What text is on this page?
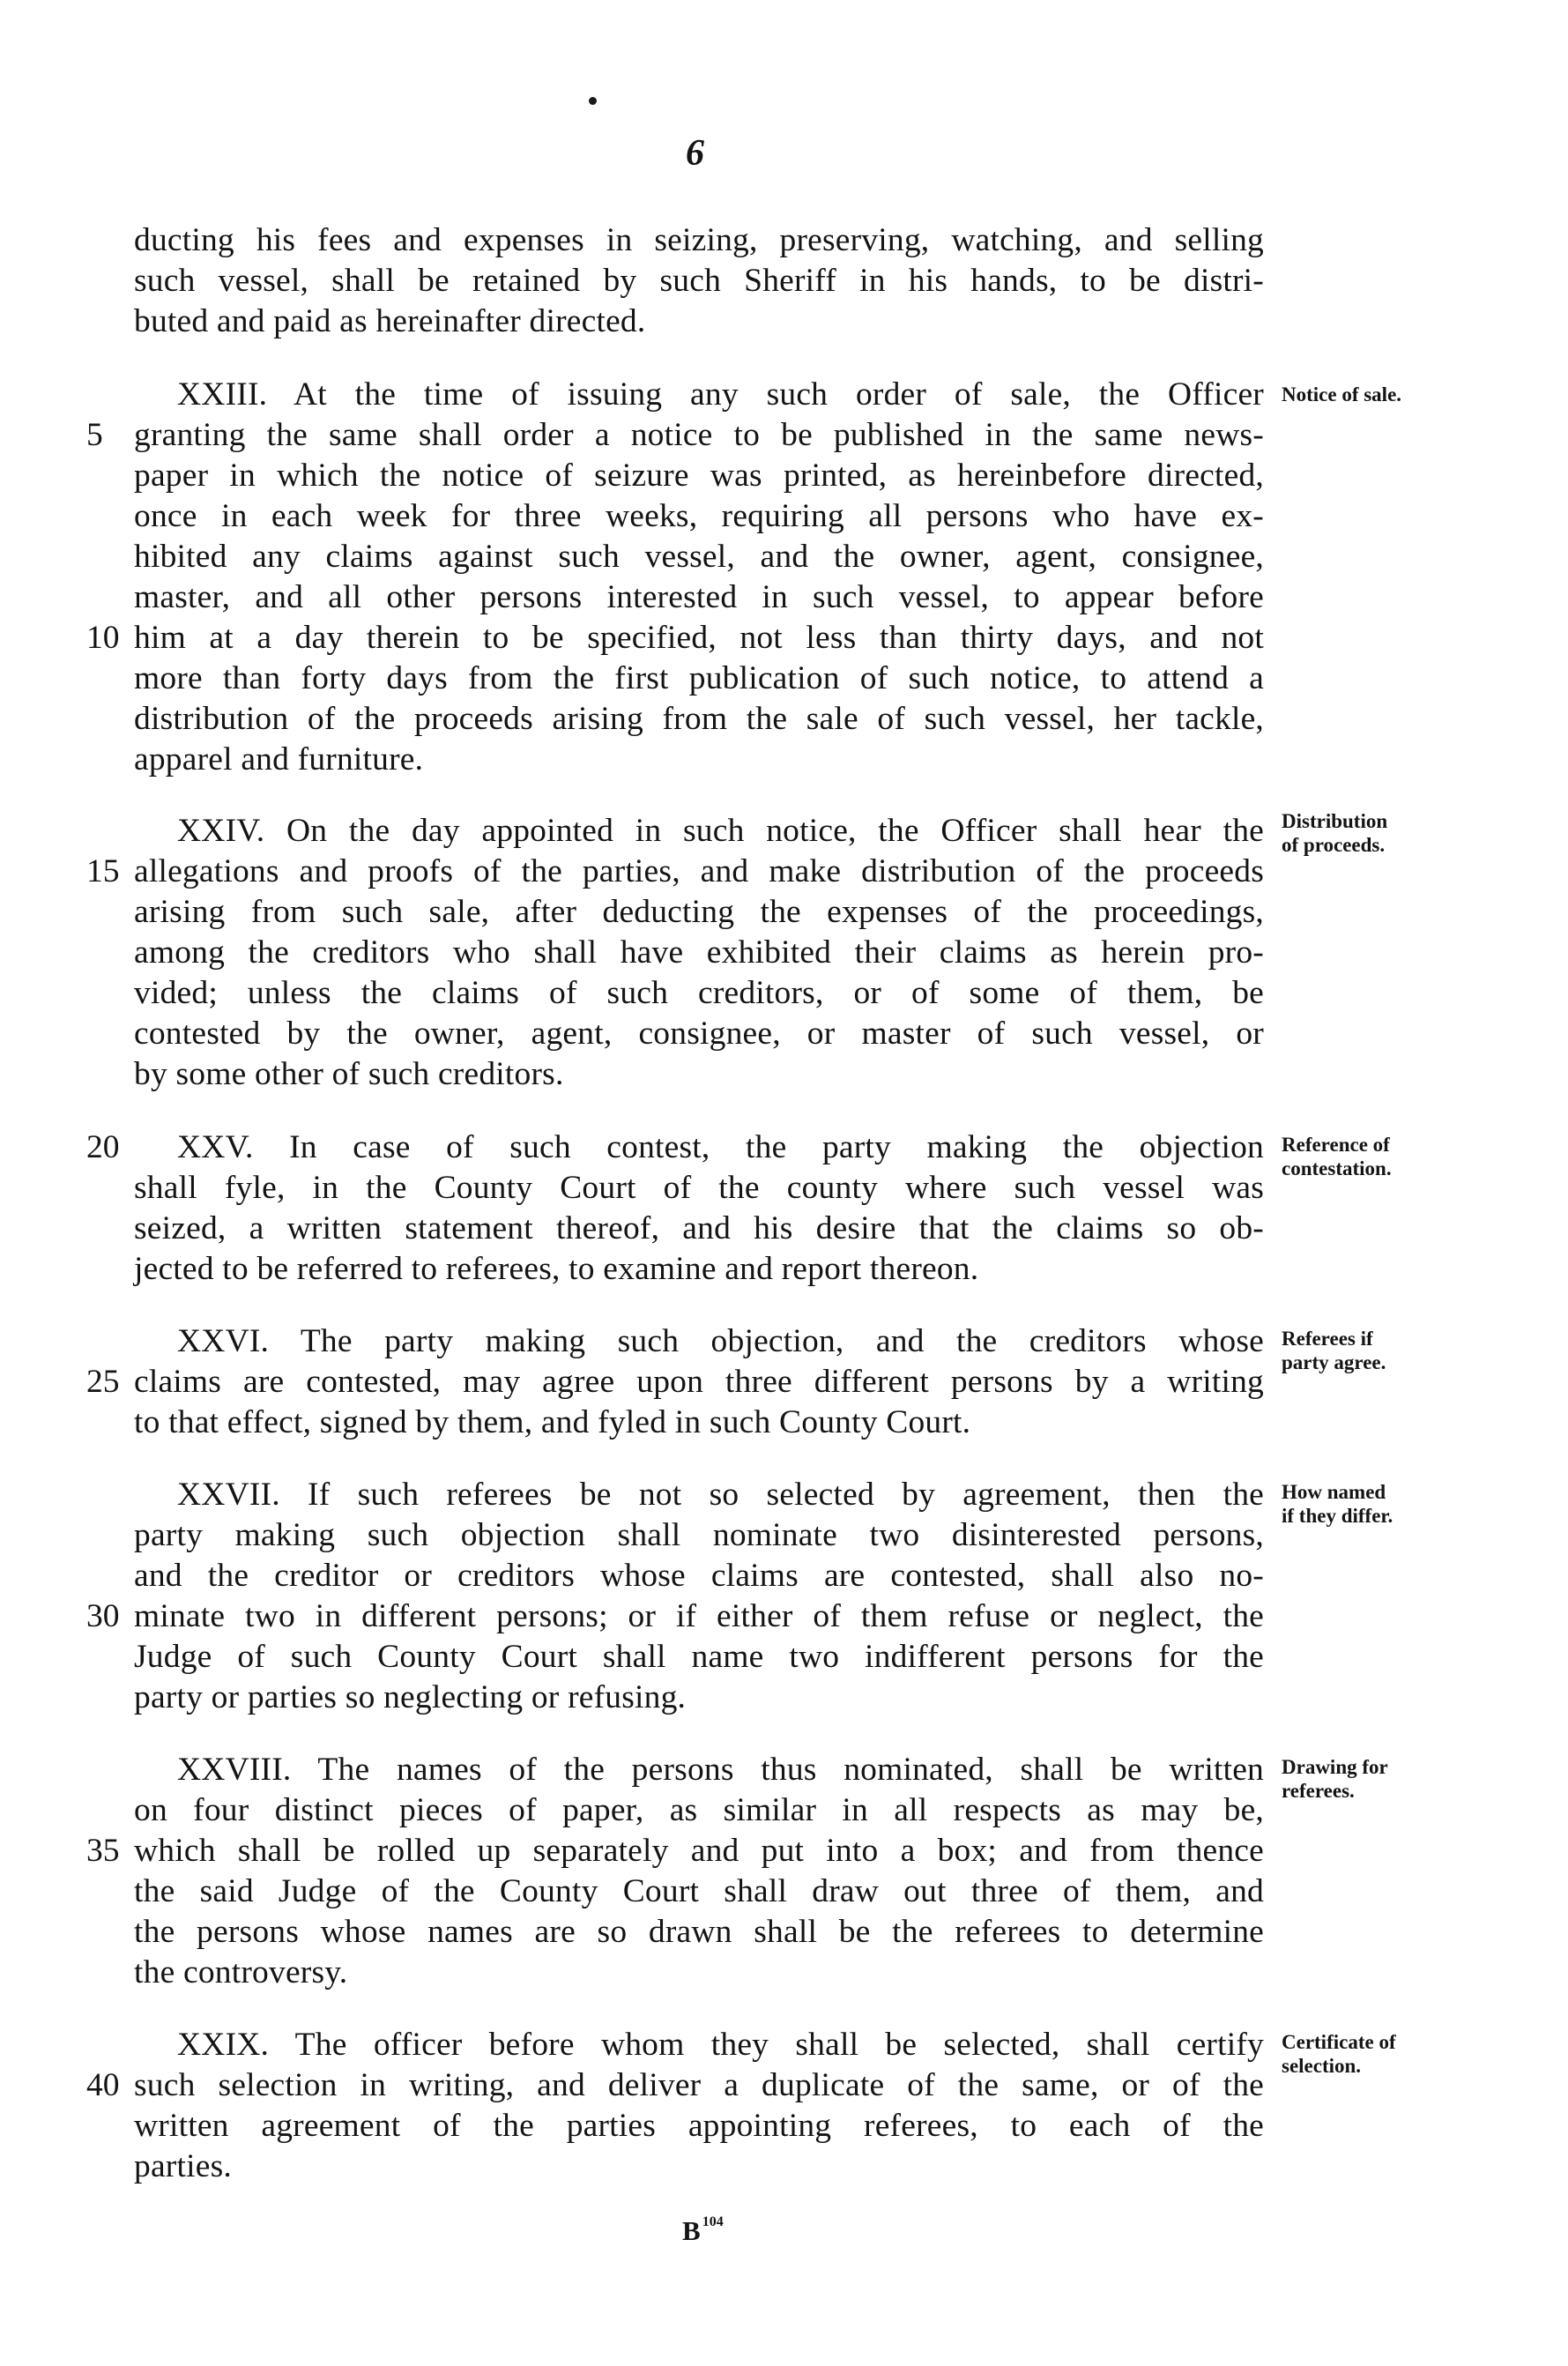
6
ducting his fees and expenses in seizing, preserving, watching, and selling
such vessel, shall be retained by such Sheriff in his hands, to be distri-
buted and paid as hereinafter directed.
XXIII. At the time of issuing any such order of sale, the Officer
granting the same shall order a notice to be published in the same news-
paper in which the notice of seizure was printed, as hereinbefore directed,
once in each week for three weeks, requiring all persons who have ex-
hibited any claims against such vessel, and the owner, agent, consignee,
master, and all other persons interested in such vessel, to appear before
him at a day therein to be specified, not less than thirty days, and not
more than forty days from the first publication of such notice, to attend a
distribution of the proceeds arising from the sale of such vessel, her tackle,
apparel and furniture.
XXIV. On the day appointed in such notice, the Officer shall hear the
allegations and proofs of the parties, and make distribution of the proceeds
arising from such sale, after deducting the expenses of the proceedings,
among the creditors who shall have exhibited their claims as herein pro-
vided; unless the claims of such creditors, or of some of them, be
contested by the owner, agent, consignee, or master of such vessel, or
by some other of such creditors.
XXV. In case of such contest, the party making the objection
shall fyle, in the County Court of the county where such vessel was
seized, a written statement thereof, and his desire that the claims so ob-
jected to be referred to referees, to examine and report thereon.
XXVI. The party making such objection, and the creditors whose
claims are contested, may agree upon three different persons by a writing
to that effect, signed by them, and fyled in such County Court.
XXVII. If such referees be not so selected by agreement, then the
party making such objection shall nominate two disinterested persons,
and the creditor or creditors whose claims are contested, shall also no-
minate two in different persons; or if either of them refuse or neglect, the
Judge of such County Court shall name two indifferent persons for the
party or parties so neglecting or refusing.
XXVIII. The names of the persons thus nominated, shall be written
on four distinct pieces of paper, as similar in all respects as may be,
which shall be rolled up separately and put into a box; and from thence
the said Judge of the County Court shall draw out three of them, and
the persons whose names are so drawn shall be the referees to determine
the controversy.
XXIX. The officer before whom they shall be selected, shall certify
such selection in writing, and deliver a duplicate of the same, or of the
written agreement of the parties appointing referees, to each of the
parties.
5
10
15
20
25
30
35
40
Notice of sale.
Distribution
of proceeds.
Reference of
contestation.
Referees if
party agree.
How named
if they differ.
Drawing for
referees.
Certificate of
selection.
B $^{104}$
